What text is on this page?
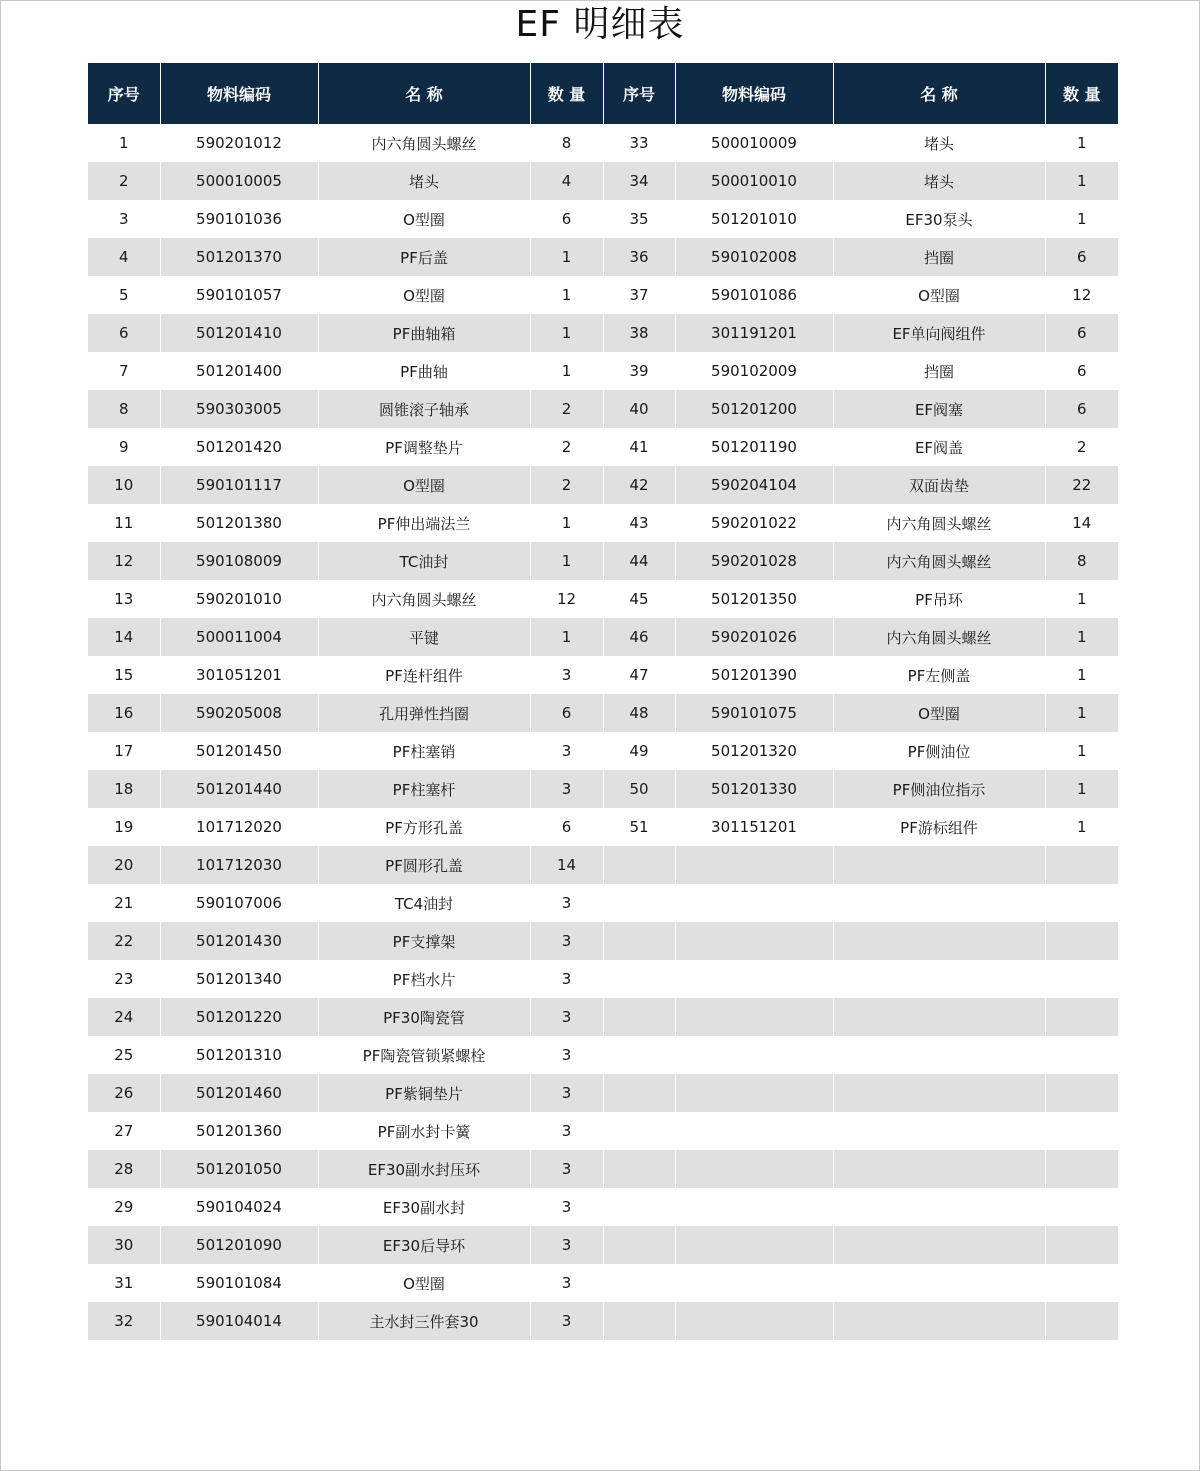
EF 明细表
序号	物料编码	名 称	数 量	序号	物料编码	名 称	数 量
1	590201012	内六角圆头螺丝	8	33	500010009	堵头	1
2	500010005	堵头	4	34	500010010	堵头	1
3	590101036	O型圈	6	35	501201010	EF30泵头	1
4	501201370	PF后盖	1	36	590102008	挡圈	6
5	590101057	O型圈	1	37	590101086	O型圈	12
6	501201410	PF曲轴箱	1	38	301191201	EF单向阀组件	6
7	501201400	PF曲轴	1	39	590102009	挡圈	6
8	590303005	圆锥滚子轴承	2	40	501201200	EF阀塞	6
9	501201420	PF调整垫片	2	41	501201190	EF阀盖	2
10	590101117	O型圈	2	42	590204104	双面齿垫	22
11	501201380	PF伸出端法兰	1	43	590201022	内六角圆头螺丝	14
12	590108009	TC油封	1	44	590201028	内六角圆头螺丝	8
13	590201010	内六角圆头螺丝	12	45	501201350	PF吊环	1
14	500011004	平键	1	46	590201026	内六角圆头螺丝	1
15	301051201	PF连杆组件	3	47	501201390	PF左侧盖	1
16	590205008	孔用弹性挡圈	6	48	590101075	O型圈	1
17	501201450	PF柱塞销	3	49	501201320	PF侧油位	1
18	501201440	PF柱塞杆	3	50	501201330	PF侧油位指示	1
19	101712020	PF方形孔盖	6	51	301151201	PF游标组件	1
20	101712030	PF圆形孔盖	14				
21	590107006	TC4油封	3				
22	501201430	PF支撑架	3				
23	501201340	PF档水片	3				
24	501201220	PF30陶瓷管	3				
25	501201310	PF陶瓷管锁紧螺栓	3				
26	501201460	PF紫铜垫片	3				
27	501201360	PF副水封卡簧	3				
28	501201050	EF30副水封压环	3				
29	590104024	EF30副水封	3				
30	501201090	EF30后导环	3				
31	590101084	O型圈	3				
32	590104014	主水封三件套30	3				
